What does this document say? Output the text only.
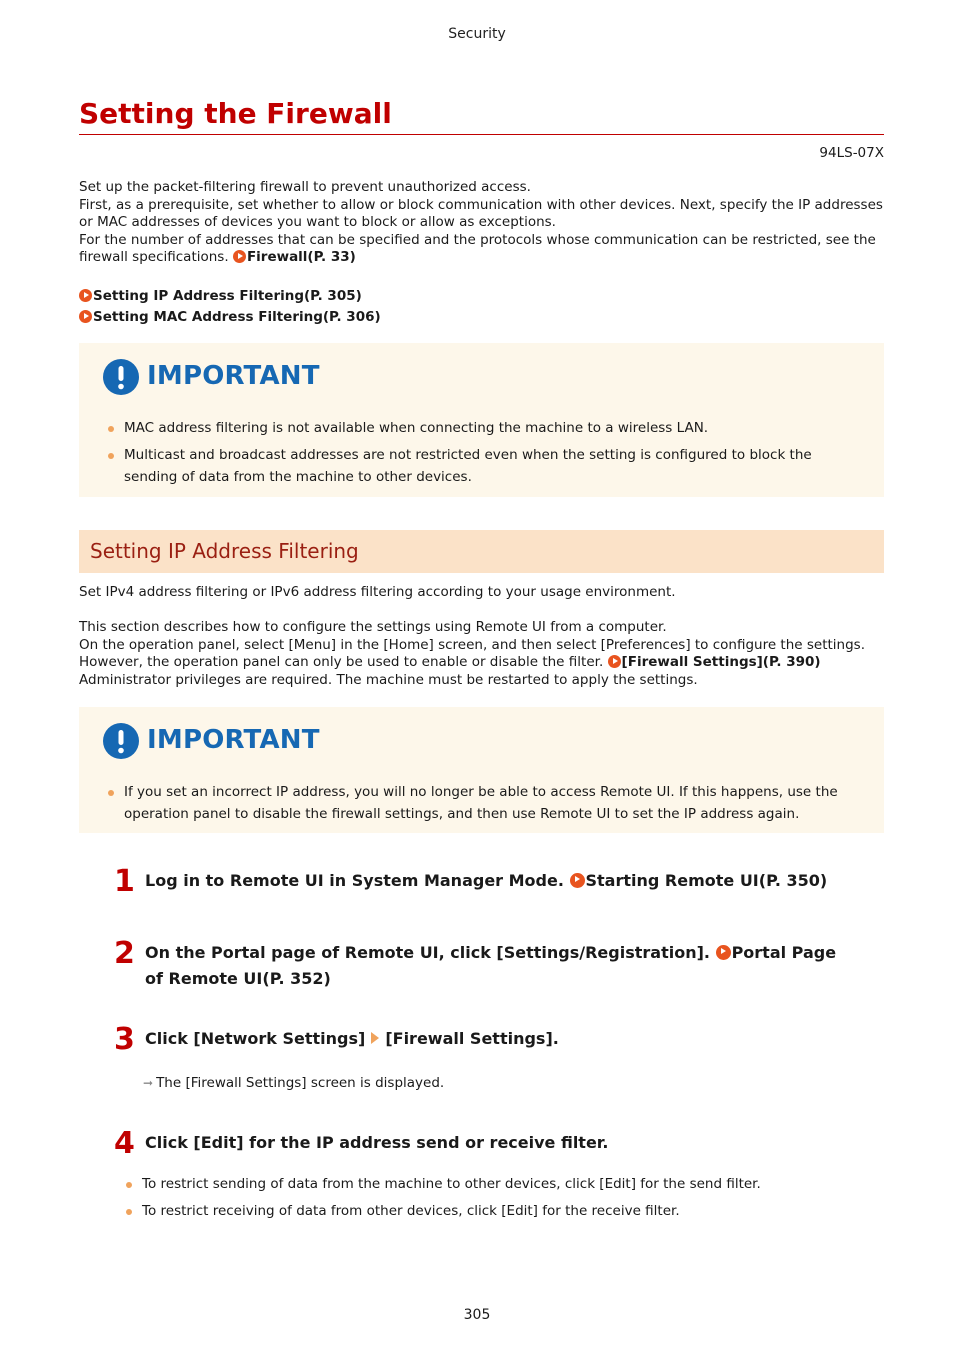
Security
Setting the Firewall
94LS-07X
Set up the packet-filtering firewall to prevent unauthorized access.
First, as a prerequisite, set whether to allow or block communication with other devices. Next, specify the IP addresses or MAC addresses of devices you want to block or allow as exceptions.
For the number of addresses that can be specified and the protocols whose communication can be restricted, see the firewall specifications. Firewall(P. 33)
Setting IP Address Filtering(P. 305)
Setting MAC Address Filtering(P. 306)
IMPORTANT
MAC address filtering is not available when connecting the machine to a wireless LAN.
Multicast and broadcast addresses are not restricted even when the setting is configured to block the sending of data from the machine to other devices.
Setting IP Address Filtering
Set IPv4 address filtering or IPv6 address filtering according to your usage environment.
This section describes how to configure the settings using Remote UI from a computer.
On the operation panel, select [Menu] in the [Home] screen, and then select [Preferences] to configure the settings. However, the operation panel can only be used to enable or disable the filter. [Firewall Settings](P. 390)
Administrator privileges are required. The machine must be restarted to apply the settings.
IMPORTANT
If you set an incorrect IP address, you will no longer be able to access Remote UI. If this happens, use the operation panel to disable the firewall settings, and then use Remote UI to set the IP address again.
1 Log in to Remote UI in System Manager Mode. Starting Remote UI(P. 350)
2 On the Portal page of Remote UI, click [Settings/Registration]. Portal Page of Remote UI(P. 352)
3 Click [Network Settings] [Firewall Settings].
➞ The [Firewall Settings] screen is displayed.
4 Click [Edit] for the IP address send or receive filter.
To restrict sending of data from the machine to other devices, click [Edit] for the send filter.
To restrict receiving of data from other devices, click [Edit] for the receive filter.
305
